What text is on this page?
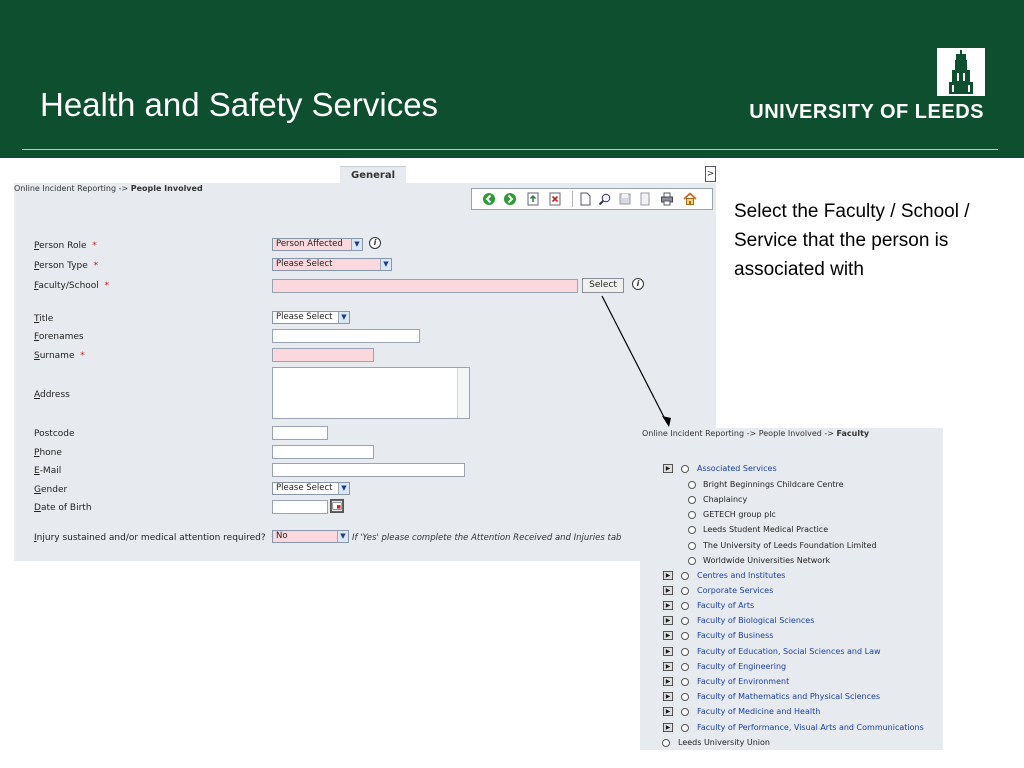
Health and Safety Services	UNIVERSITY OF LEEDS
General	>
Online Incident Reporting -> People Involved
Person Role *	Person Affected	▼	i
Person Type *	Please Select	▼
Faculty/School *	Select	i
Title	Please Select	▼
Forenames
Surname *
Address
Postcode
Phone
E-Mail
Gender	Please Select	▼
Date of Birth
Injury sustained and/or medical attention required?	No	▼ If 'Yes' please complete the Attention Received and Injuries tab
Select the Faculty / School / Service that the person is associated with
Online Incident Reporting -> People Involved -> Faculty
▶	Associated Services
Bright Beginnings Childcare Centre
Chaplaincy
GETECH group plc
Leeds Student Medical Practice
The University of Leeds Foundation Limited
Worldwide Universities Network
▶	Centres and Institutes
▶	Corporate Services
▶	Faculty of Arts
▶	Faculty of Biological Sciences
▶	Faculty of Business
▶	Faculty of Education, Social Sciences and Law
▶	Faculty of Engineering
▶	Faculty of Environment
▶	Faculty of Mathematics and Physical Sciences
▶	Faculty of Medicine and Health
▶	Faculty of Performance, Visual Arts and Communications
Leeds University Union
